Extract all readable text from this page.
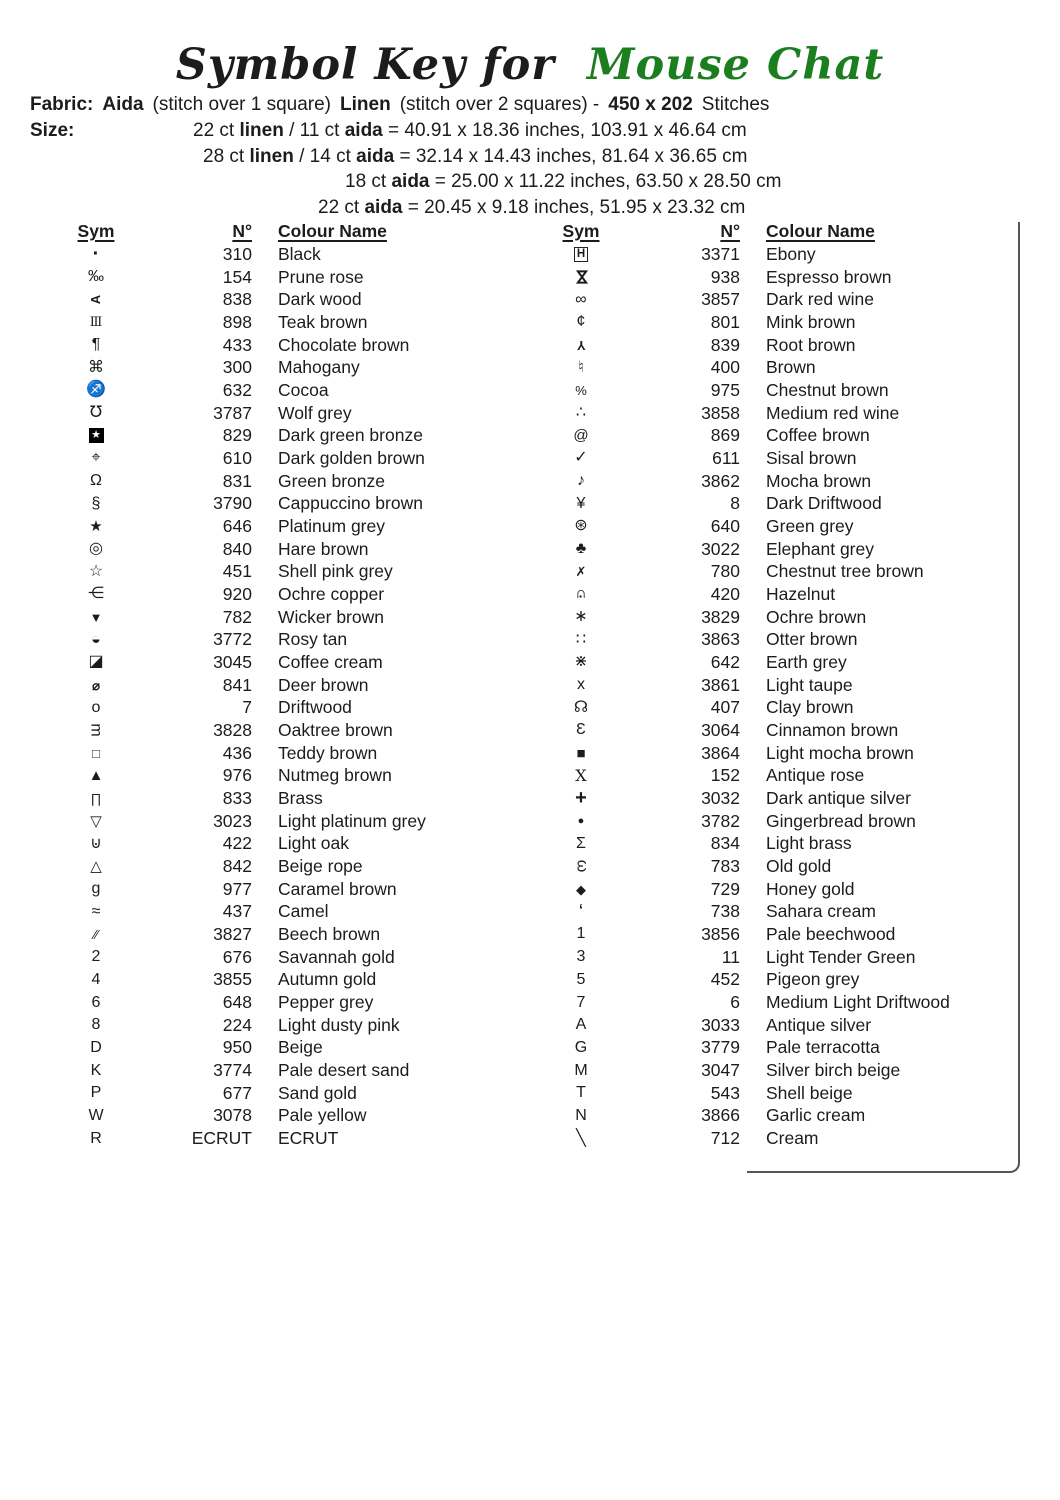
Symbol Key for Mouse Chat
Fabric: Aida (stitch over 1 square) Linen (stitch over 2 squares) - 450 x 202 Stitches
Size:	22 ct linen / 11 ct aida = 40.91 x 18.36 inches, 103.91 x 46.64 cm
28 ct linen / 14 ct aida = 32.14 x 14.43 inches, 81.64 x 36.65 cm
18 ct aida = 25.00 x 11.22 inches, 63.50 x 28.50 cm
22 ct aida = 20.45 x 9.18 inches, 51.95 x 23.32 cm
Sym	N°	Colour Name
·	310	Black
‰	154	Prune rose
A	838	Dark wood
Ⅲ	898	Teak brown
¶	433	Chocolate brown
⌘	300	Mahogany
♐	632	Cocoa
℧	3787	Wolf grey
★	829	Dark green bronze
⌖	610	Dark golden brown
Ω	831	Green bronze
§	3790	Cappuccino brown
★	646	Platinum grey
◎	840	Hare brown
☆	451	Shell pink grey
⋲	920	Ochre copper
▼	782	Wicker brown
◒	3772	Rosy tan
◪	3045	Coffee cream
⌀	841	Deer brown
o	7	Driftwood
m	3828	Oaktree brown
□	436	Teddy brown
▲	976	Nutmeg brown
∏	833	Brass
▽	3023	Light platinum grey
⊍	422	Light oak
△	842	Beige rope
g	977	Caramel brown
≈	437	Camel
∕∕	3827	Beech brown
2	676	Savannah gold
4	3855	Autumn gold
6	648	Pepper grey
8	224	Light dusty pink
D	950	Beige
K	3774	Pale desert sand
P	677	Sand gold
W	3078	Pale yellow
R	ECRUT	ECRUT
Sym	N°	Colour Name
H	3371	Ebony
⋈	938	Espresso brown
∞	3857	Dark red wine
¢	801	Mink brown
Y	839	Root brown
♮	400	Brown
%	975	Chestnut brown
∴	3858	Medium red wine
@	869	Coffee brown
✓	611	Sisal brown
♪	3862	Mocha brown
¥	8	Dark Driftwood
⊛	640	Green grey
♣	3022	Elephant grey
✗	780	Chestnut tree brown
∩ ·	420	Hazelnut
∗	3829	Ochre brown
∷	3863	Otter brown
⋇	642	Earth grey
x	3861	Light taupe
☊	407	Clay brown
Ɛ	3064	Cinnamon brown
■	3864	Light mocha brown
X	152	Antique rose
+	3032	Dark antique silver
●	3782	Gingerbread brown
Σ	834	Light brass
ω	783	Old gold
◆	729	Honey gold
‘	738	Sahara cream
1	3856	Pale beechwood
3	11	Light Tender Green
5	452	Pigeon grey
7	6	Medium Light Driftwood
A	3033	Antique silver
G	3779	Pale terracotta
M	3047	Silver birch beige
T	543	Shell beige
N	3866	Garlic cream
╲	712	Cream
